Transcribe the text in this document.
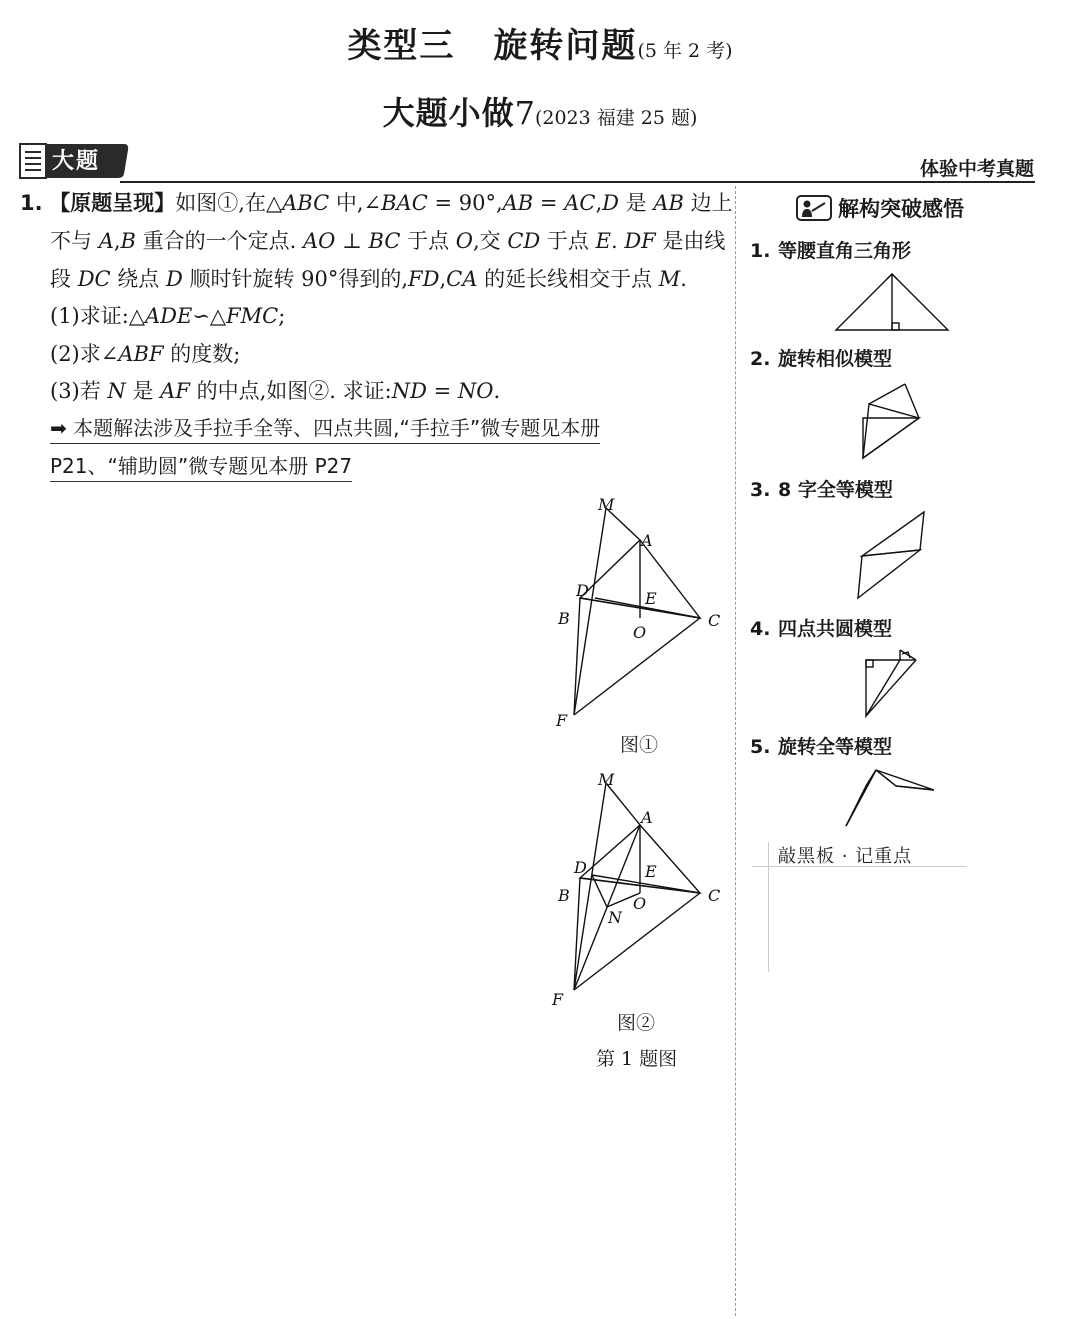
类型三 旋转问题(5 年 2 考)
大题小做7(2023 福建 25 题)
大题	体验中考真题
1. 【原题呈现】如图①,在△ABC 中,∠BAC = 90°,AB = AC,D 是 AB 边上
不与 A,B 重合的一个定点. AO ⊥ BC 于点 O,交 CD 于点 E. DF 是由线
段 DC 绕点 D 顺时针旋转 90°得到的,FD,CA 的延长线相交于点 M.
(1)求证:△ADE∽△FMC;
(2)求∠ABF 的度数;
(3)若 N 是 AF 的中点,如图②. 求证:ND = NO.
➡ 本题解法涉及手拉手全等、四点共圆,“手拉手”微专题见本册
P21、“辅助圆”微专题见本册 P27
M
A
D	E
B
O
C
F
图①
M
A
D	E
B	O
N
C
F
图②
第 1 题图
解构突破感悟
1. 等腰直角三角形
2. 旋转相似模型
3. 8 字全等模型
4. 四点共圆模型
5. 旋转全等模型
敲黑板 · 记重点
